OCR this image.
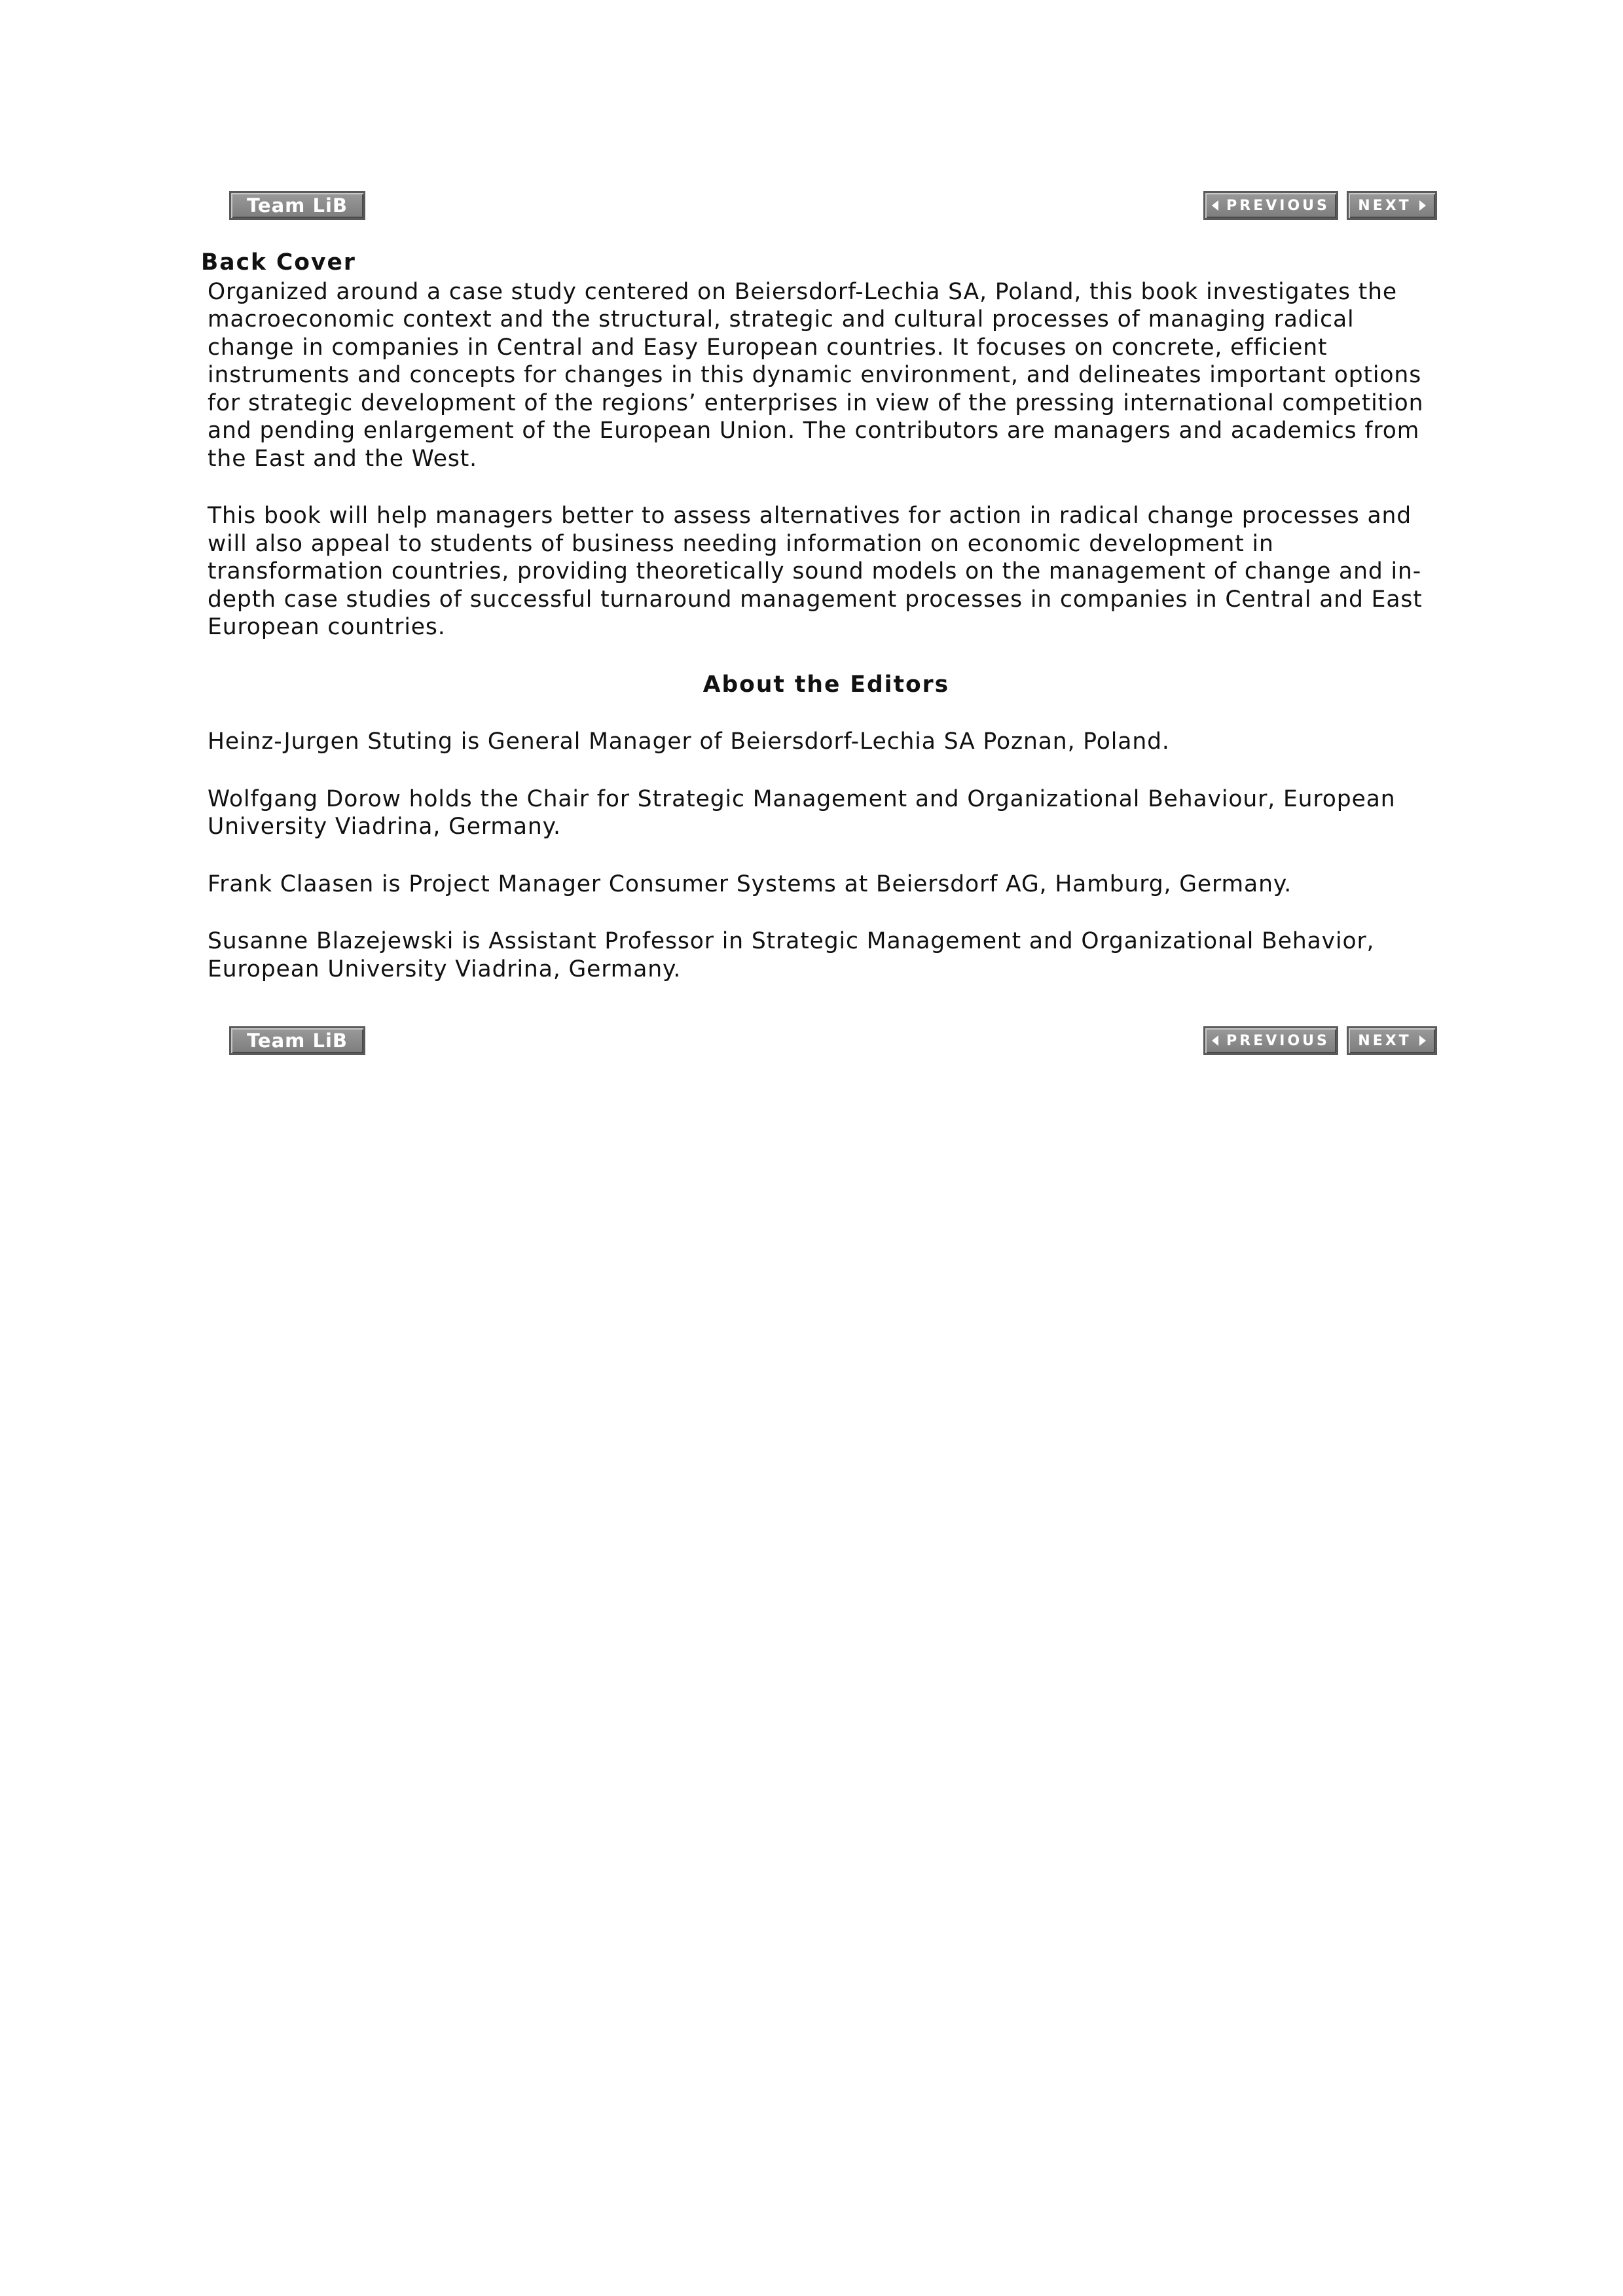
Team LiB	PREVIOUS NEXT
Back Cover

Organized around a case study centered on Beiersdorf-Lechia SA, Poland, this book investigates the macroeconomic context and the structural, strategic and cultural processes of managing radical change in companies in Central and Easy European countries. It focuses on concrete, efficient instruments and concepts for changes in this dynamic environment, and delineates important options for strategic development of the regions’ enterprises in view of the pressing international competition and pending enlargement of the European Union. The contributors are managers and academics from the East and the West.

This book will help managers better to assess alternatives for action in radical change processes and will also appeal to students of business needing information on economic development in transformation countries, providing theoretically sound models on the management of change and in-depth case studies of successful turnaround management processes in companies in Central and East European countries.

About the Editors

Heinz-Jurgen Stuting is General Manager of Beiersdorf-Lechia SA Poznan, Poland.

Wolfgang Dorow holds the Chair for Strategic Management and Organizational Behaviour, European University Viadrina, Germany.

Frank Claasen is Project Manager Consumer Systems at Beiersdorf AG, Hamburg, Germany.

Susanne Blazejewski is Assistant Professor in Strategic Management and Organizational Behavior, European University Viadrina, Germany.

Team LiB	PREVIOUS NEXT
